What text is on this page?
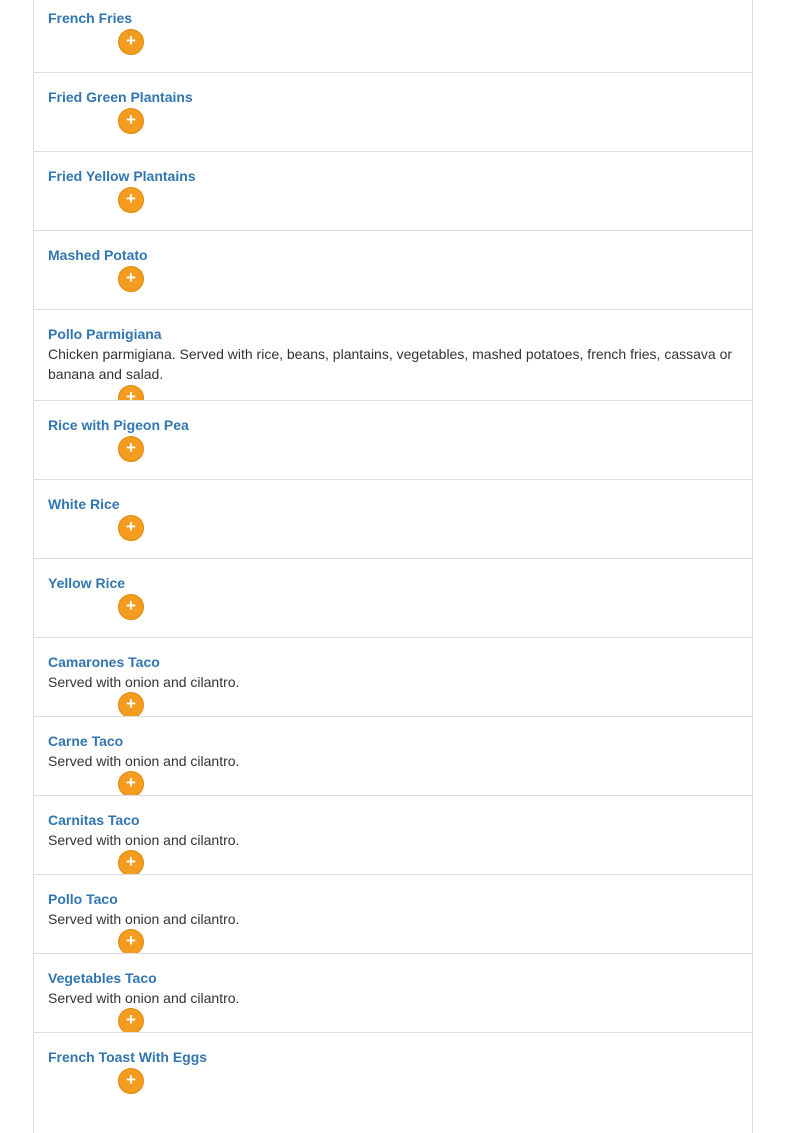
French Fries
+
Fried Green Plantains
+
Fried Yellow Plantains
+
Mashed Potato
+
Pollo Parmigiana

Chicken parmigiana. Served with rice, beans, plantains, vegetables, mashed potatoes, french fries, cassava or banana and salad.

+
Rice with Pigeon Pea
+
White Rice
+
Yellow Rice
+
Camarones Taco

Served with onion and cilantro.

+
Carne Taco

Served with onion and cilantro.

+
Carnitas Taco

Served with onion and cilantro.

+
Pollo Taco

Served with onion and cilantro.

+
Vegetables Taco

Served with onion and cilantro.

+
French Toast With Eggs
+
